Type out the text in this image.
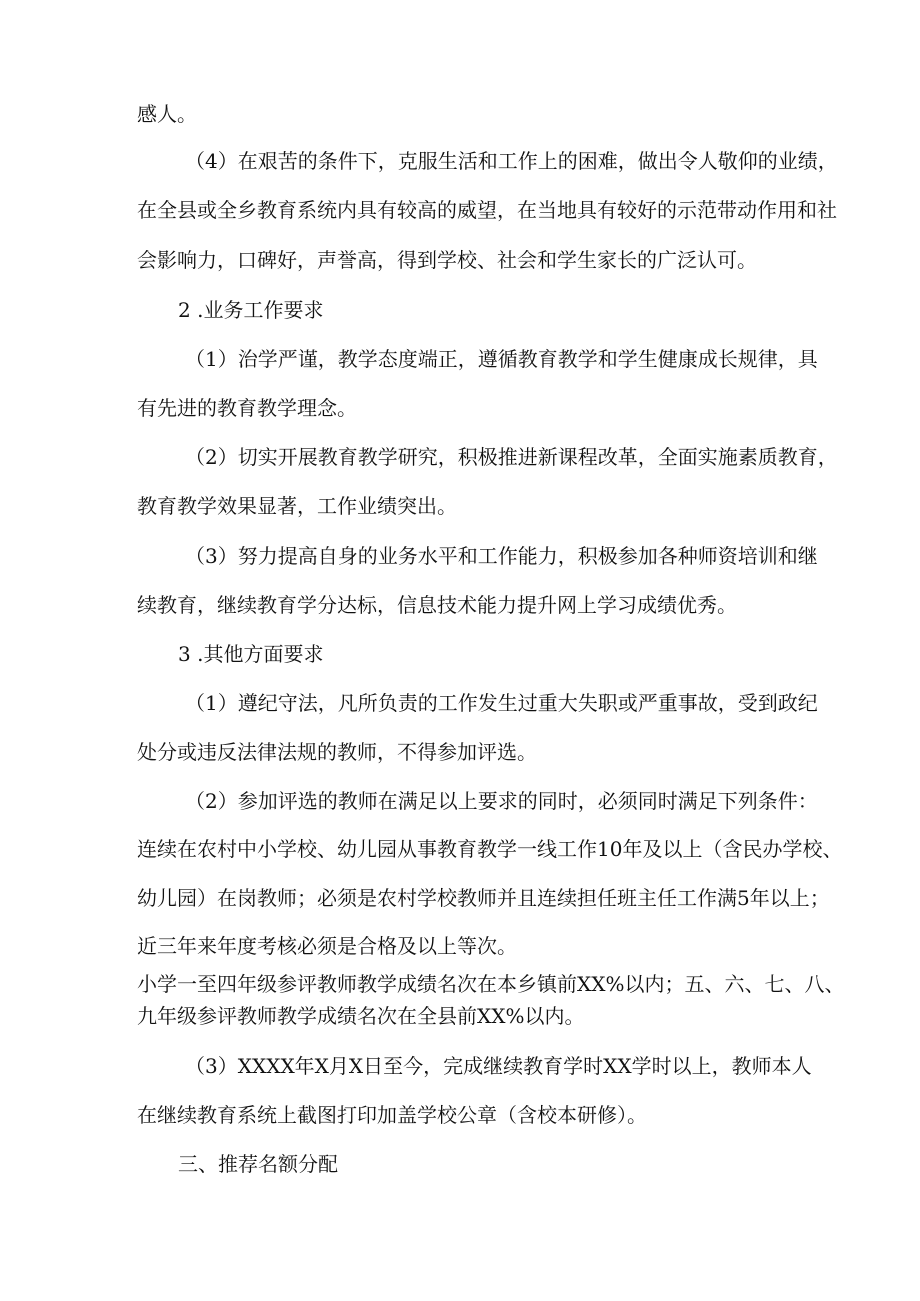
感人。

（4）在艰苦的条件下，克服生活和工作上的困难，做出令人敬仰的业绩，

在全县或全乡教育系统内具有较高的威望，在当地具有较好的示范带动作用和社

会影响力，口碑好，声誉高，得到学校、社会和学生家长的广泛认可。

2 .业务工作要求

（1）治学严谨，教学态度端正，遵循教育教学和学生健康成长规律，具

有先进的教育教学理念。

（2）切实开展教育教学研究，积极推进新课程改革，全面实施素质教育，

教育教学效果显著，工作业绩突出。

（3）努力提高自身的业务水平和工作能力，积极参加各种师资培训和继

续教育，继续教育学分达标，信息技术能力提升网上学习成绩优秀。

3 .其他方面要求

（1）遵纪守法，凡所负责的工作发生过重大失职或严重事故，受到政纪

处分或违反法律法规的教师，不得参加评选。

（2）参加评选的教师在满足以上要求的同时，必须同时满足下列条件：

连续在农村中小学校、幼儿园从事教育教学一线工作10年及以上（含民办学校、

幼儿园）在岗教师；必须是农村学校教师并且连续担任班主任工作满5年以上；

近三年来年度考核必须是合格及以上等次。

小学一至四年级参评教师教学成绩名次在本乡镇前XX%以内；五、六、七、八、

九年级参评教师教学成绩名次在全县前XX%以内。

（3）XXXX年X月X日至今，完成继续教育学时XX学时以上，教师本人

在继续教育系统上截图打印加盖学校公章（含校本研修）。

三、推荐名额分配
